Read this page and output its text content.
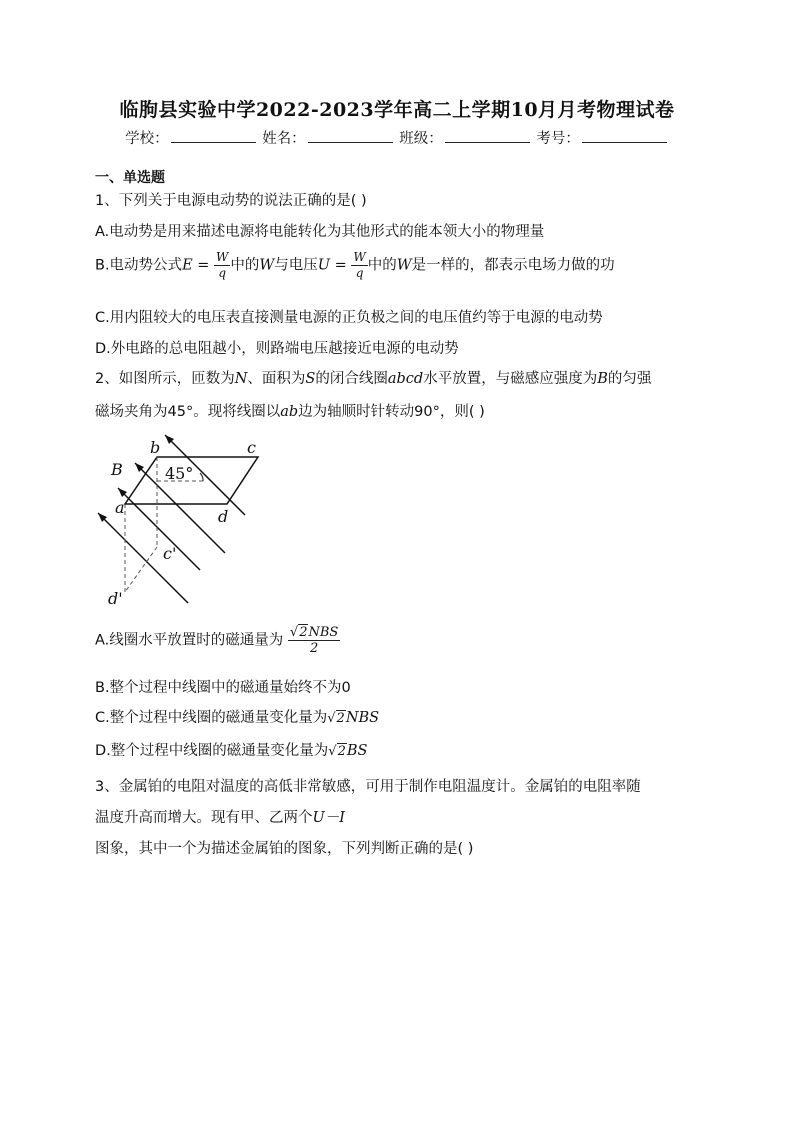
临朐县实验中学2022-2023学年高二上学期10月月考物理试卷
学校：	姓名：	班级：	考号：
一、单选题
1、下列关于电源电动势的说法正确的是( )
A.电动势是用来描述电源将电能转化为其他形式的能本领大小的物理量
B.电动势公式$E = \frac{W}{q}$ 中的W与电压$U = \frac{W}{q}$ 中的W是一样的，都表示电场力做的功
C.用内阻较大的电压表直接测量电源的正负极之间的电压值约等于电源的电动势
D.外电路的总电阻越小，则路端电压越接近电源的电动势
2、如图所示，匝数为N、面积为S的闭合线圈abcd水平放置，与磁感应强度为B的匀强
磁场夹角为45°。现将线圈以ab边为轴顺时针转动90°，则( )
B
b	c
a	d
c'
d'
45°
A.线圈水平放置时的磁通量为 $\frac{\text{√2NBS}}{2}$
B.整个过程中线圈中的磁通量始终不为0
C.整个过程中线圈的磁通量变化量为√2NBS
D.整个过程中线圈的磁通量变化量为√2BS
3、金属铂的电阻对温度的高低非常敏感，可用于制作电阻温度计。金属铂的电阻率随
温度升高而增大。现有甲、乙两个U－I
图象，其中一个为描述金属铂的图象，下列判断正确的是( )
